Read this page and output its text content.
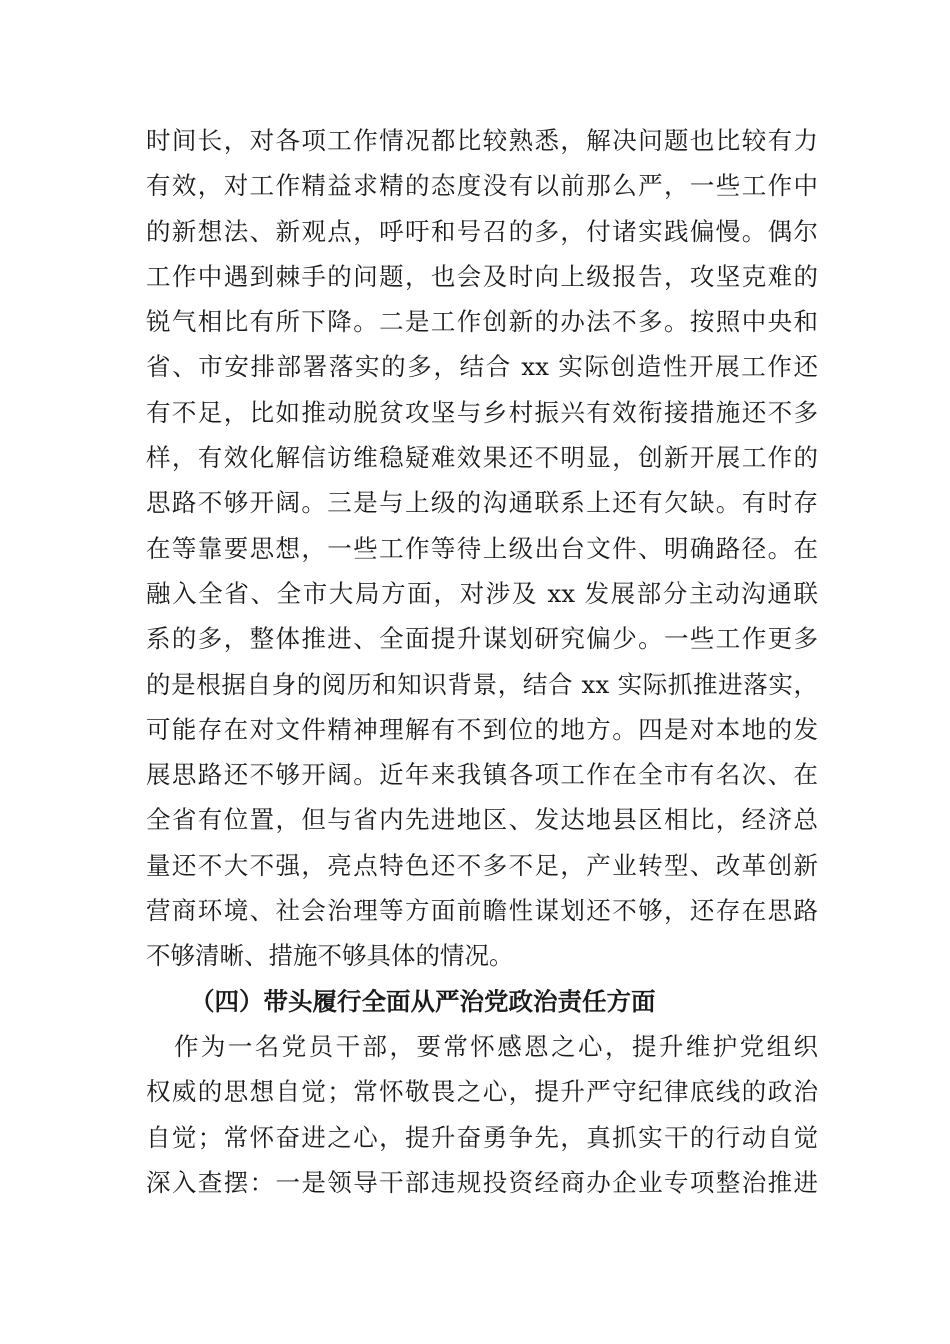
时间长，对各项工作情况都比较熟悉，解决问题也比较有力
有效，对工作精益求精的态度没有以前那么严，一些工作中
的新想法、新观点，呼吁和号召的多，付诸实践偏慢。偶尔
工作中遇到棘手的问题，也会及时向上级报告，攻坚克难的
锐气相比有所下降。二是工作创新的办法不多。按照中央和
省、市安排部署落实的多，结合 xx 实际创造性开展工作还
有不足，比如推动脱贫攻坚与乡村振兴有效衔接措施还不多
样，有效化解信访维稳疑难效果还不明显，创新开展工作的
思路不够开阔。三是与上级的沟通联系上还有欠缺。有时存
在等靠要思想，一些工作等待上级出台文件、明确路径。在
融入全省、全市大局方面，对涉及 xx 发展部分主动沟通联
系的多，整体推进、全面提升谋划研究偏少。一些工作更多
的是根据自身的阅历和知识背景，结合 xx 实际抓推进落实，
可能存在对文件精神理解有不到位的地方。四是对本地的发
展思路还不够开阔。近年来我镇各项工作在全市有名次、在
全省有位置，但与省内先进地区、发达地县区相比，经济总
量还不大不强，亮点特色还不多不足，产业转型、改革创新
营商环境、社会治理等方面前瞻性谋划还不够，还存在思路
不够清晰、措施不够具体的情况。
（四）带头履行全面从严治党政治责任方面
作为一名党员干部，要常怀感恩之心，提升维护党组织
权威的思想自觉；常怀敬畏之心，提升严守纪律底线的政治
自觉；常怀奋进之心，提升奋勇争先，真抓实干的行动自觉
深入查摆：一是领导干部违规投资经商办企业专项整治推进
